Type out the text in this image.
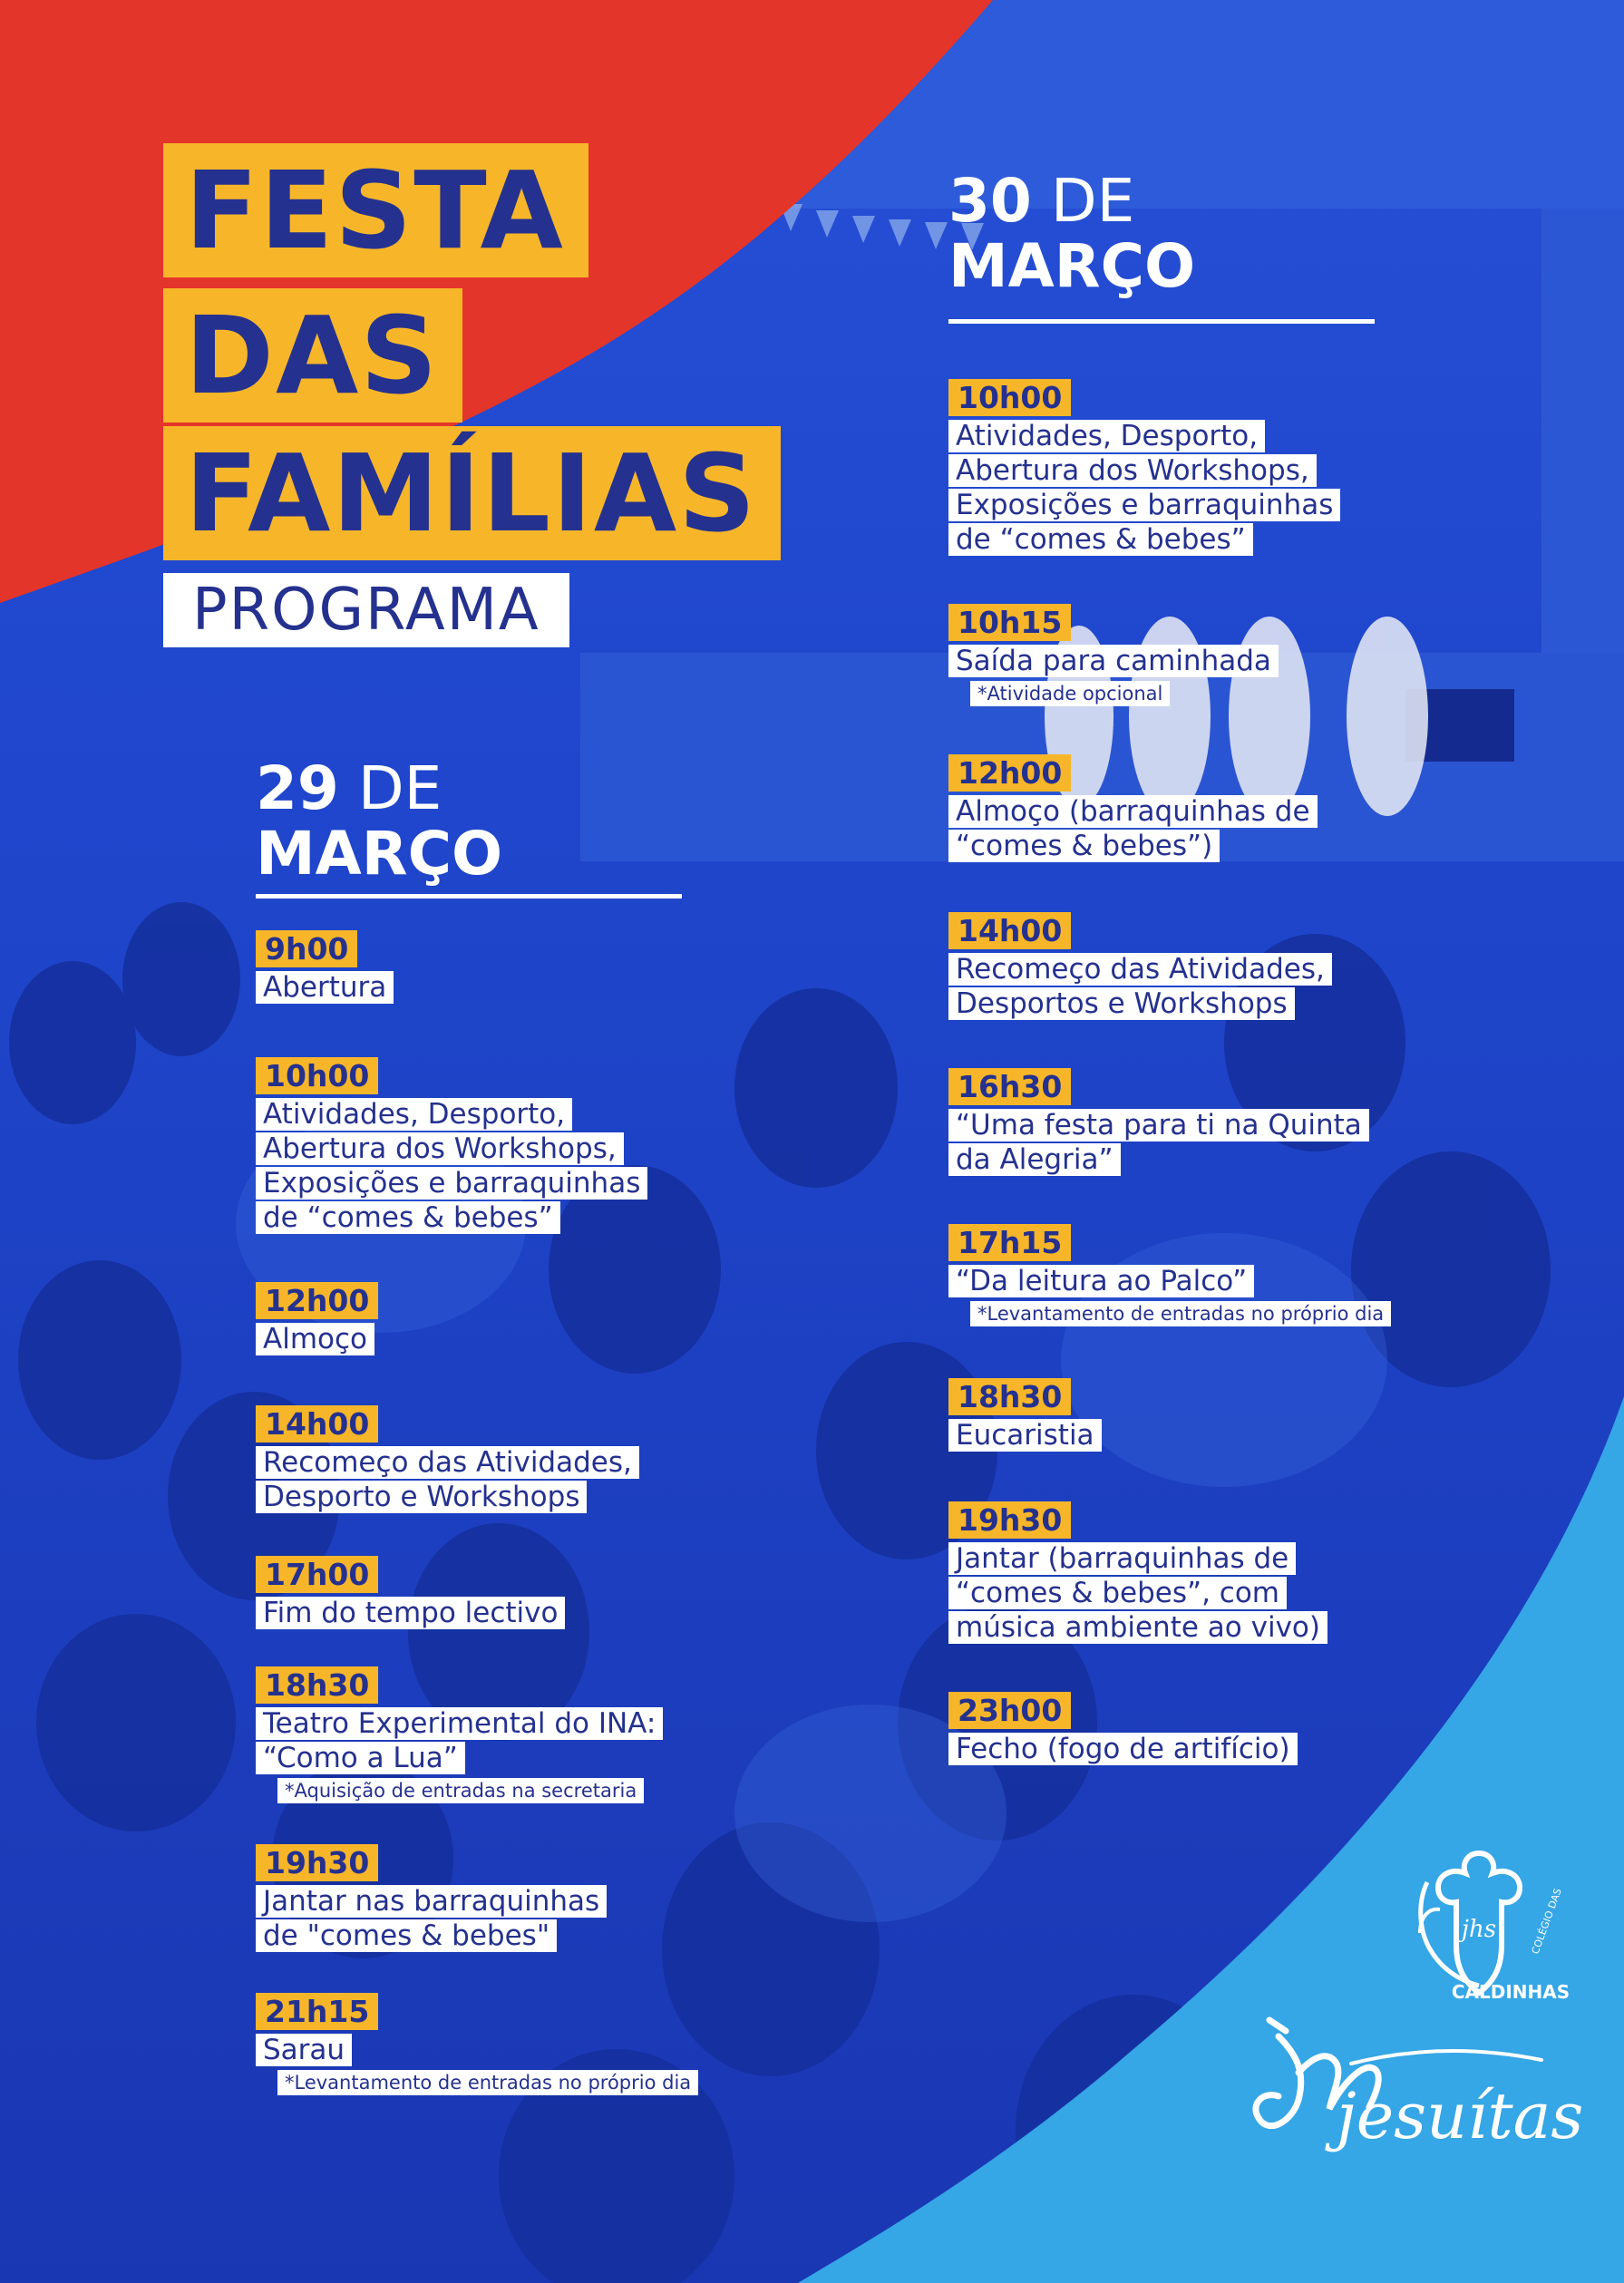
FESTA
DAS
FAMÍLIAS
PROGRAMA
29 DE
MARÇO
30 DE
MARÇO
9h00
Abertura
10h00
Atividades, Desporto,
Abertura dos Workshops,
Exposições e barraquinhas
de “comes & bebes”
12h00
Almoço
14h00
Recomeço das Atividades,
Desporto e Workshops
17h00
Fim do tempo lectivo
18h30
Teatro Experimental do INA:
“Como a Lua”
*Aquisição de entradas na secretaria
19h30
Jantar nas barraquinhas
de "comes & bebes"
21h15
Sarau
*Levantamento de entradas no próprio dia
10h00
Atividades, Desporto,
Abertura dos Workshops,
Exposições e barraquinhas
de “comes & bebes”
10h15
Saída para caminhada
*Atividade opcional
12h00
Almoço (barraquinhas de
“comes & bebes”)
14h00
Recomeço das Atividades,
Desportos e Workshops
16h30
“Uma festa para ti na Quinta
da Alegria”
17h15
“Da leitura ao Palco”
*Levantamento de entradas no próprio dia
18h30
Eucaristia
19h30
Jantar (barraquinhas de
“comes & bebes”, com
música ambiente ao vivo)
23h00
Fecho (fogo de artifício)
jhs
CALDINHAS
COLÉGIO DAS
jesuítas
